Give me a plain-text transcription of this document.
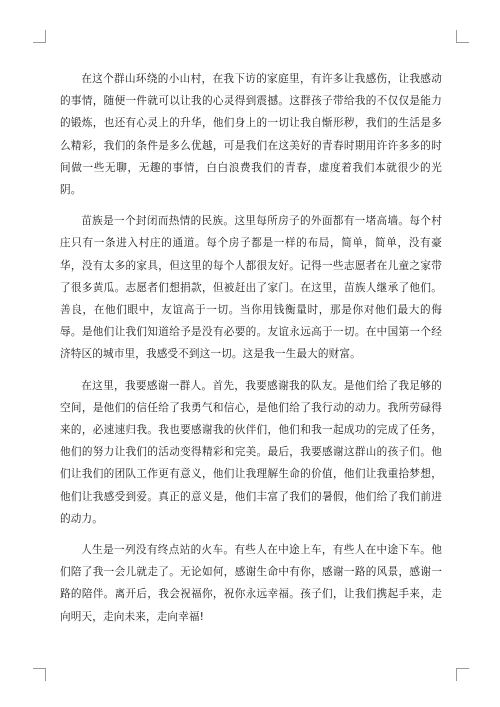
在这个群山环绕的小山村，在我下访的家庭里，有许多让我感伤，让我感动的事情，随便一件就可以让我的心灵得到震撼。这群孩子带给我的不仅仅是能力的锻炼，也还有心灵上的升华，他们身上的一切让我自惭形秽，我们的生活是多么精彩，我们的条件是多么优越，可是我们在这美好的青春时期用许许多多的时间做一些无聊，无趣的事情，白白浪费我们的青春，虚度着我们本就很少的光阴。

苗族是一个封闭而热情的民族。这里每所房子的外面都有一堵高墙。每个村庄只有一条进入村庄的通道。每个房子都是一样的布局，简单，简单，没有豪华，没有太多的家具，但这里的每个人都很友好。记得一些志愿者在儿童之家带了很多黄瓜。志愿者们想捐款，但被赶出了家门。在这里，苗族人继承了他们。善良，在他们眼中，友谊高于一切。当你用钱衡量时，那是你对他们最大的侮辱。是他们让我们知道给予是没有必要的。友谊永远高于一切。在中国第一个经济特区的城市里，我感受不到这一切。这是我一生最大的财富。

在这里，我要感谢一群人。首先，我要感谢我的队友。是他们给了我足够的空间，是他们的信任给了我勇气和信心，是他们给了我行动的动力。我所劳碌得来的，必速速归我。我也要感谢我的伙伴们，他们和我一起成功的完成了任务，他们的努力让我们的活动变得精彩和完美。最后，我要感谢这群山的孩子们。他们让我们的团队工作更有意义，他们让我理解生命的价值，他们让我重拾梦想，他们让我感受到爱。真正的意义是，他们丰富了我们的暑假，他们给了我们前进的动力。

人生是一列没有终点站的火车。有些人在中途上车，有些人在中途下车。他们陪了我一会儿就走了。无论如何，感谢生命中有你，感谢一路的风景，感谢一路的陪伴。离开后，我会祝福你，祝你永远幸福。孩子们，让我们携起手来，走向明天，走向未来，走向幸福!
